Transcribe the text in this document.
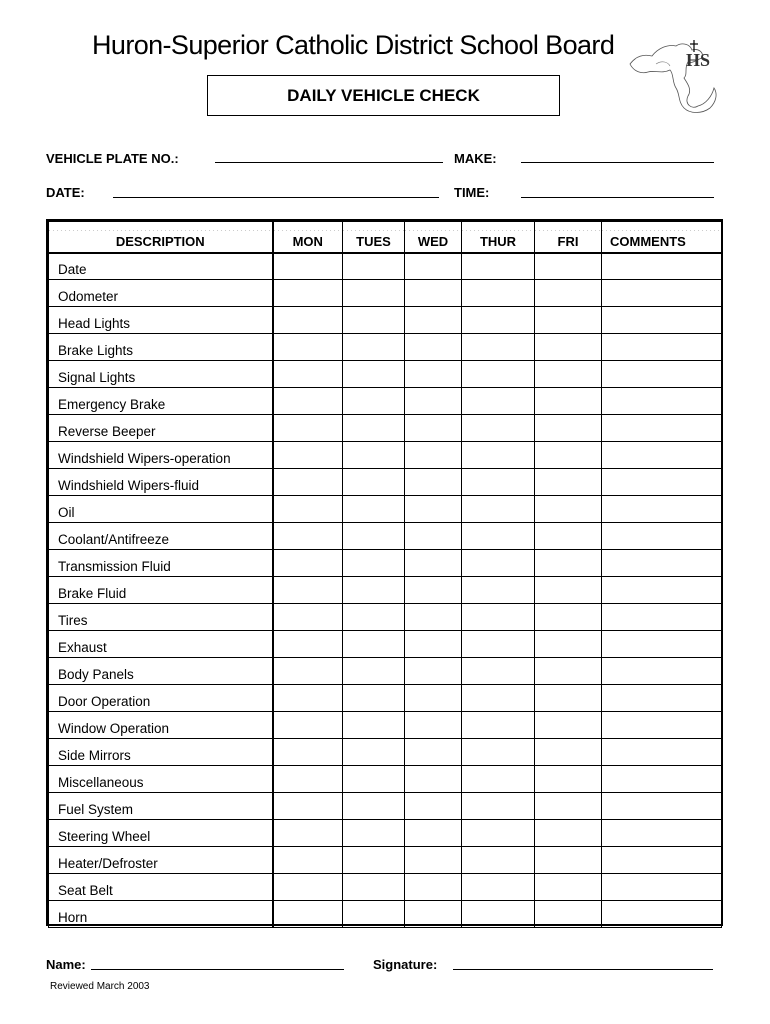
Huron-Superior Catholic District School Board	HS
DAILY VEHICLE CHECK
VEHICLE PLATE NO.:	MAKE:
DATE:	TIME:
DESCRIPTION	MON	TUES	WED	THUR	FRI	COMMENTS
Date						
Odometer						
Head Lights						
Brake Lights						
Signal Lights						
Emergency Brake						
Reverse Beeper						
Windshield Wipers-operation						
Windshield Wipers-fluid						
Oil						
Coolant/Antifreeze						
Transmission Fluid						
Brake Fluid						
Tires						
Exhaust						
Body Panels						
Door Operation						
Window Operation						
Side Mirrors						
Miscellaneous						
Fuel System						
Steering Wheel						
Heater/Defroster						
Seat Belt						
Horn						
Name:	Signature:
Reviewed March 2003
